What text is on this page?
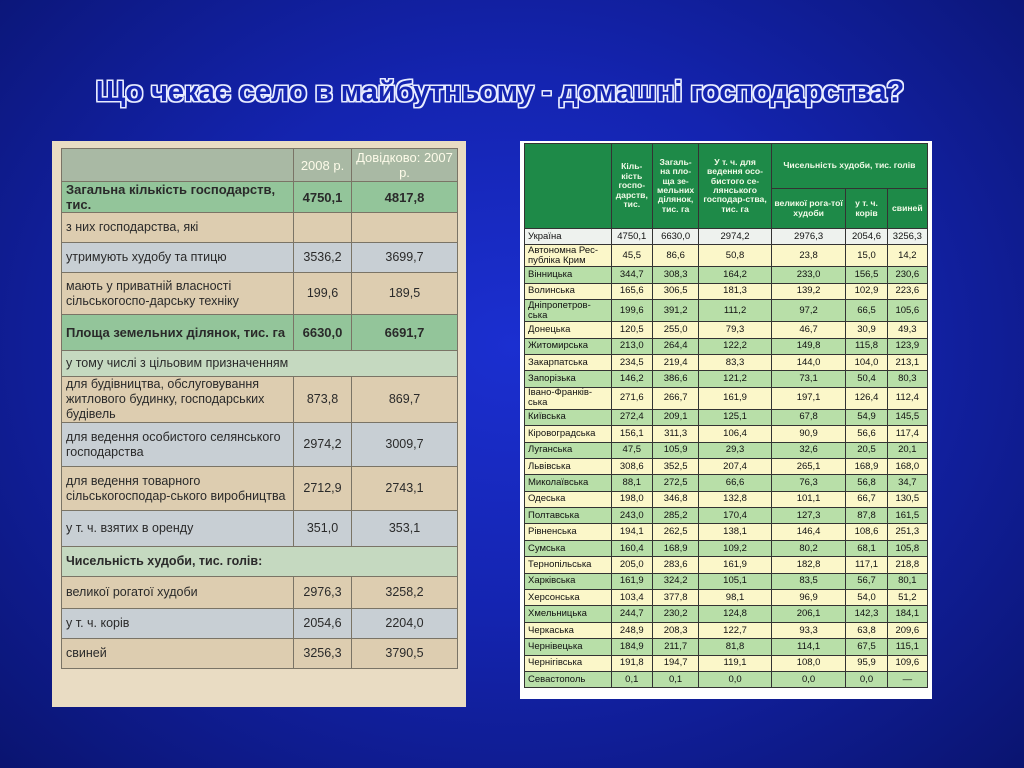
Що чекає село в майбутньому - домашні господарства?
	2008 р.	Довідково: 2007 р.
Загальна кількість господарств, тис.	4750,1	4817,8
з них господарства, які		
утримують худобу та птицю	3536,2	3699,7
мають у приватній власності сільськогоспо-дарську техніку	199,6	189,5
Площа земельних ділянок, тис. га	6630,0	6691,7
у тому числі з цільовим призначенням		
для будівництва, обслуговування житлового будинку, господарських будівель	873,8	869,7
для ведення особистого селянського господарства	2974,2	3009,7
для ведення товарного сільськогосподар-ського виробництва	2712,9	2743,1
у т. ч. взятих в оренду	351,0	353,1
Чисельність худоби, тис. голів:		
великої рогатої худоби	2976,3	3258,2
у т. ч. корів	2054,6	2204,0
свиней	3256,3	3790,5
	Кіль-кість госпо-дарств, тис.	Загаль-на пло-ща зе-мельних ділянок, тис. га	У т. ч. для ведення осо-бистого се-лянського господар-ства, тис. га	Чисельність худоби, тис. голів		
				великої рога-тої худоби	у т. ч. корів	свиней
Україна	4750,1	6630,0	2974,2	2976,3	2054,6	3256,3
Автономна Рес-публіка Крим	45,5	86,6	50,8	23,8	15,0	14,2
Вінницька	344,7	308,3	164,2	233,0	156,5	230,6
Волинська	165,6	306,5	181,3	139,2	102,9	223,6
Дніпропетров-ська	199,6	391,2	111,2	97,2	66,5	105,6
Донецька	120,5	255,0	79,3	46,7	30,9	49,3
Житомирська	213,0	264,4	122,2	149,8	115,8	123,9
Закарпатська	234,5	219,4	83,3	144,0	104,0	213,1
Запорізька	146,2	386,6	121,2	73,1	50,4	80,3
Івано-Франків-ська	271,6	266,7	161,9	197,1	126,4	112,4
Київська	272,4	209,1	125,1	67,8	54,9	145,5
Кіровоградська	156,1	311,3	106,4	90,9	56,6	117,4
Луганська	47,5	105,9	29,3	32,6	20,5	20,1
Львівська	308,6	352,5	207,4	265,1	168,9	168,0
Миколаївська	88,1	272,5	66,6	76,3	56,8	34,7
Одеська	198,0	346,8	132,8	101,1	66,7	130,5
Полтавська	243,0	285,2	170,4	127,3	87,8	161,5
Рівненська	194,1	262,5	138,1	146,4	108,6	251,3
Сумська	160,4	168,9	109,2	80,2	68,1	105,8
Тернопільська	205,0	283,6	161,9	182,8	117,1	218,8
Харківська	161,9	324,2	105,1	83,5	56,7	80,1
Херсонська	103,4	377,8	98,1	96,9	54,0	51,2
Хмельницька	244,7	230,2	124,8	206,1	142,3	184,1
Черкаська	248,9	208,3	122,7	93,3	63,8	209,6
Чернівецька	184,9	211,7	81,8	114,1	67,5	115,1
Чернігівська	191,8	194,7	119,1	108,0	95,9	109,6
Севастополь	0,1	0,1	0,0	0,0	0,0	—
